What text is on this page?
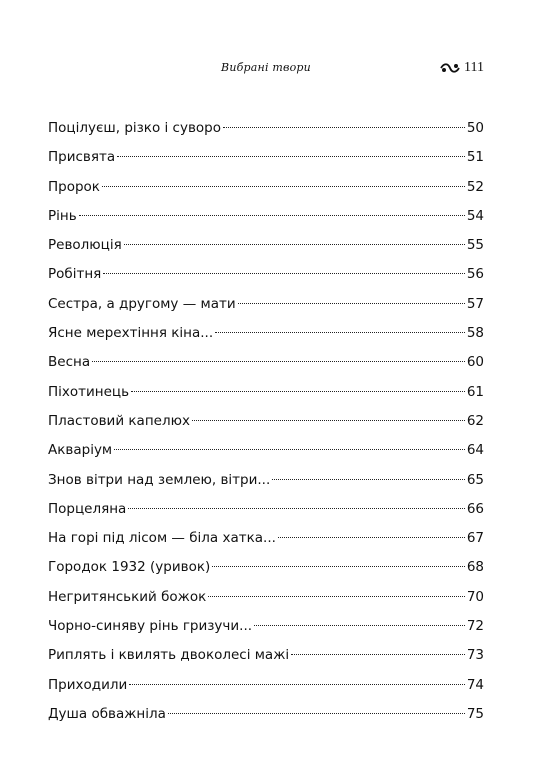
Вибрані твори	111
Поцілуєш, різко і суворо	50
Присвята	51
Пророк	52
Рінь	54
Революція	55
Робітня	56
Сестра, а другому — мати	57
Ясне мерехтіння кіна...	58
Весна	60
Піхотинець	61
Пластовий капелюх	62
Акваріум	64
Знов вітри над землею, вітри...	65
Порцеляна	66
На горі під лісом — біла хатка...	67
Городок 1932 (уривок)	68
Негритянський божок	70
Чорно-синяву рінь гризучи...	72
Риплять і квилять двоколесі мажі	73
Приходили	74
Душа обважніла	75
